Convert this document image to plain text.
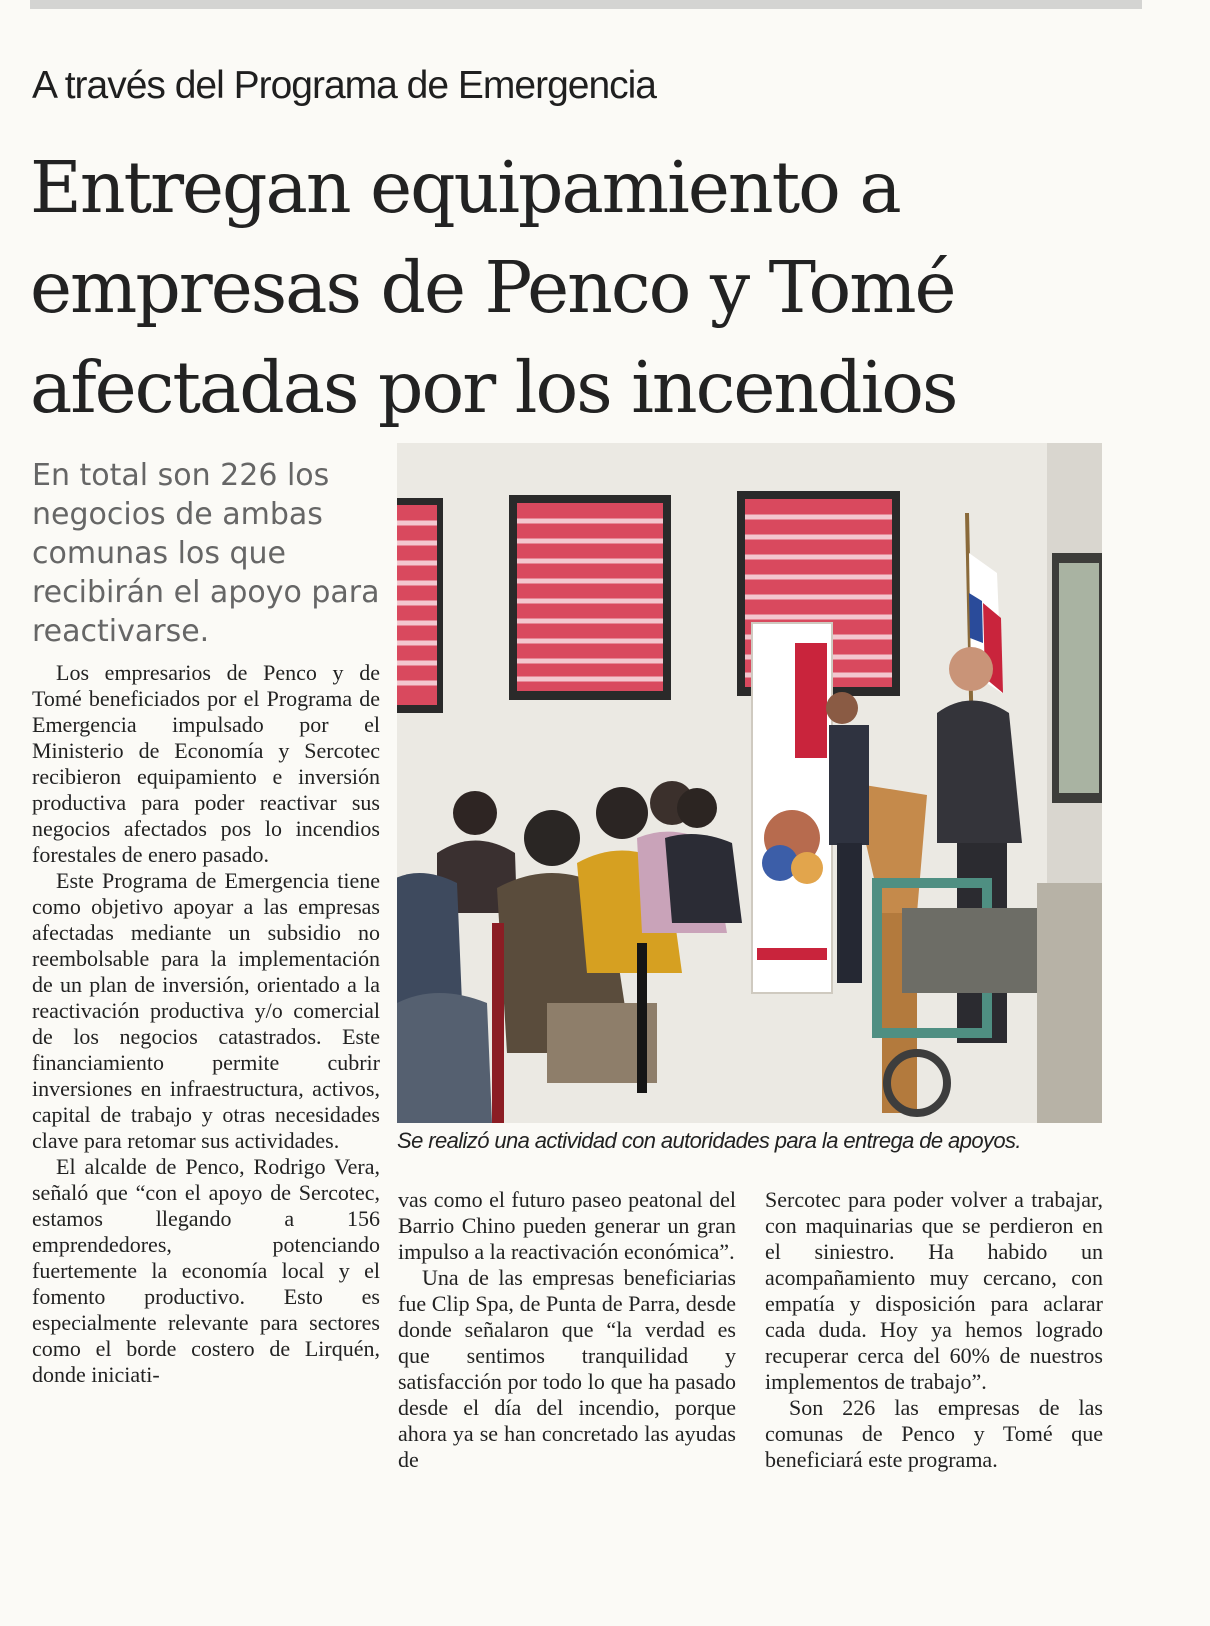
A través del Programa de Emergencia
Entregan equipamiento a
empresas de Penco y Tomé
afectadas por los incendios

En total son 226 los negocios de ambas comunas los que recibirán el apoyo para reactivarse.

Los empresarios de Penco y de Tomé beneficiados por el Programa de Emergencia impulsado por el Ministerio de Economía y Sercotec recibieron equipamiento e inversión productiva para poder reactivar sus negocios afectados pos lo incendios forestales de enero pasado.

Este Programa de Emergencia tiene como objetivo apoyar a las empresas afectadas mediante un subsidio no reembolsable para la implementación de un plan de inversión, orientado a la reactivación productiva y/o comercial de los negocios catastrados. Este financiamiento permite cubrir inversiones en infraestructura, activos, capital de trabajo y otras necesidades clave para retomar sus actividades.

El alcalde de Penco, Rodrigo Vera, señaló que “con el apoyo de Sercotec, estamos llegando a 156 emprendedores, potenciando fuertemente la economía local y el fomento productivo. Esto es especialmente relevante para sectores como el borde costero de Lirquén, donde iniciati-

Se realizó una actividad con autoridades para la entrega de apoyos.

vas como el futuro paseo peatonal del Barrio Chino pueden generar un gran impulso a la reactivación económica”.

Una de las empresas beneficiarias fue Clip Spa, de Punta de Parra, desde donde señalaron que “la verdad es que sentimos tranquilidad y satisfacción por todo lo que ha pasado desde el día del incendio, porque ahora ya se han concretado las ayudas de

Sercotec para poder volver a trabajar, con maquinarias que se perdieron en el siniestro. Ha habido un acompañamiento muy cercano, con empatía y disposición para aclarar cada duda. Hoy ya hemos logrado recuperar cerca del 60% de nuestros implementos de trabajo”.

Son 226 las empresas de las comunas de Penco y Tomé que beneficiará este programa.
